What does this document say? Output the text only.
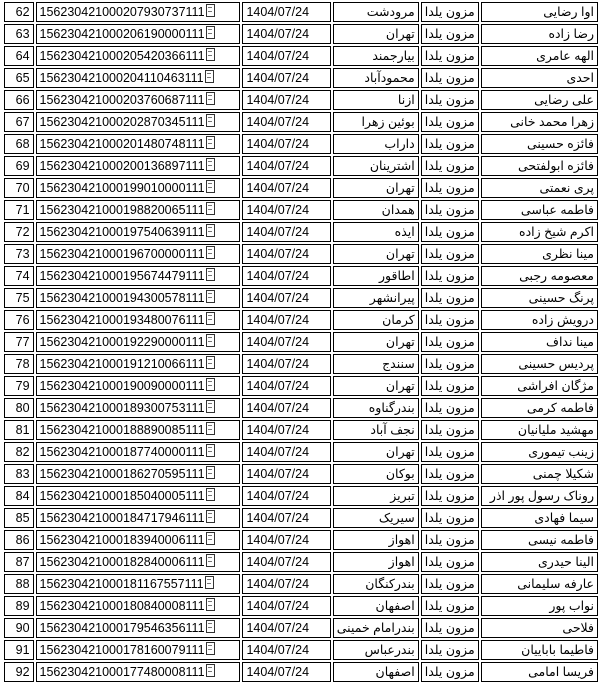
62	156230421000207930737111	1404/07/24	مرودشت	مزون یلدا	اوا رضایی
63	156230421000206190000111	1404/07/24	تهران	مزون یلدا	رضا زاده
64	156230421000205420366111	1404/07/24	بیارجمند	مزون یلدا	الهه عامری
65	156230421000204110463111	1404/07/24	محمودآباد	مزون یلدا	احدی
66	156230421000203760687111	1404/07/24	ازنا	مزون یلدا	علی رضایی
67	156230421000202870345111	1404/07/24	بوئین زهرا	مزون یلدا	زهرا محمد خانی
68	156230421000201480748111	1404/07/24	داراب	مزون یلدا	فائزه حسینی
69	156230421000200136897111	1404/07/24	اشترینان	مزون یلدا	فائزه ابولفتحی
70	156230421000199010000111	1404/07/24	تهران	مزون یلدا	پری نعمتی
71	156230421000198820065111	1404/07/24	همدان	مزون یلدا	فاطمه عباسی
72	156230421000197540639111	1404/07/24	ایذه	مزون یلدا	اکرم شیخ زاده
73	156230421000196700000111	1404/07/24	تهران	مزون یلدا	مینا نظری
74	156230421000195674479111	1404/07/24	اطاقور	مزون یلدا	معصومه رجبی
75	156230421000194300578111	1404/07/24	پیرانشهر	مزون یلدا	پرنگ حسینی
76	156230421000193480076111	1404/07/24	کرمان	مزون یلدا	درویش زاده
77	156230421000192290000111	1404/07/24	تهران	مزون یلدا	مینا نداف
78	156230421000191210066111	1404/07/24	سنندج	مزون یلدا	پردیس حسینی
79	156230421000190090000111	1404/07/24	تهران	مزون یلدا	مژگان افراشی
80	156230421000189300753111	1404/07/24	بندرگناوه	مزون یلدا	فاطمه کرمی
81	156230421000188890085111	1404/07/24	نجف آباد	مزون یلدا	مهشید ملیانیان
82	156230421000187740000111	1404/07/24	تهران	مزون یلدا	زینب تیموری
83	156230421000186270595111	1404/07/24	بوکان	مزون یلدا	شکیلا چمنی
84	156230421000185040005111	1404/07/24	تبریز	مزون یلدا	روناک رسول پور اذر
85	156230421000184717946111	1404/07/24	سیریک	مزون یلدا	سیما فهادی
86	156230421000183940006111	1404/07/24	اهواز	مزون یلدا	فاطمه نیسی
87	156230421000182840006111	1404/07/24	اهواز	مزون یلدا	الینا حیدری
88	156230421000181167557111	1404/07/24	بندرکنگان	مزون یلدا	عارفه سلیمانی
89	156230421000180840008111	1404/07/24	اصفهان	مزون یلدا	نواب پور
90	156230421000179546356111	1404/07/24	بندرامام خمینی	مزون یلدا	فلاحی
91	156230421000178160079111	1404/07/24	بندرعباس	مزون یلدا	فاطیما باباییان
92	156230421000177480008111	1404/07/24	اصفهان	مزون یلدا	فریسا امامی
